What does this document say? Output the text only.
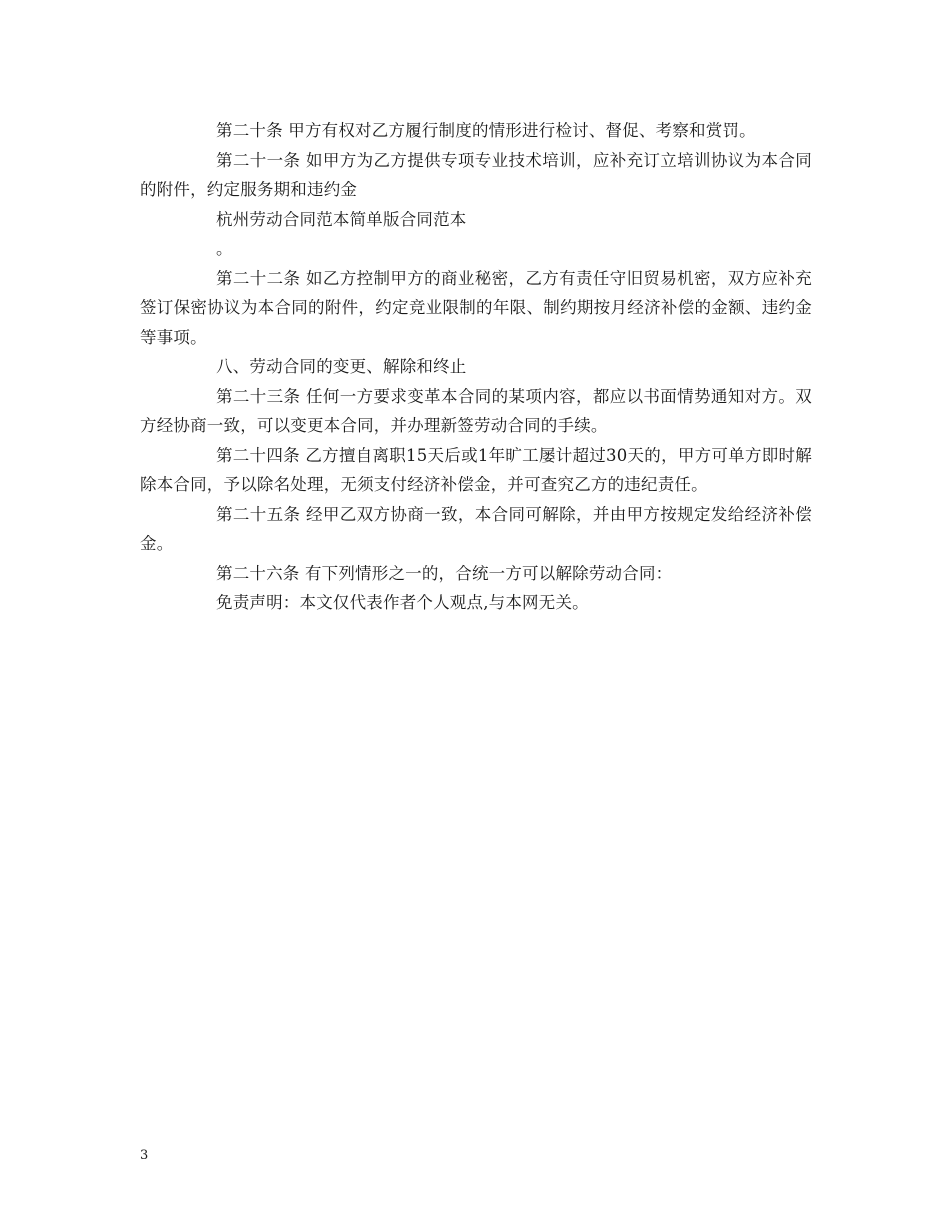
第二十条 甲方有权对乙方履行制度的情形进行检讨、督促、考察和赏罚。

第二十一条 如甲方为乙方提供专项专业技术培训，应补充订立培训协议为本合同的附件，约定服务期和违约金

杭州劳动合同范本简单版合同范本

。

第二十二条 如乙方控制甲方的商业秘密，乙方有责任守旧贸易机密，双方应补充签订保密协议为本合同的附件，约定竞业限制的年限、制约期按月经济补偿的金额、违约金等事项。

八、劳动合同的变更、解除和终止

第二十三条 任何一方要求变革本合同的某项内容，都应以书面情势通知对方。双方经协商一致，可以变更本合同，并办理新签劳动合同的手续。

第二十四条 乙方擅自离职15天后或1年旷工屡计超过30天的，甲方可单方即时解除本合同，予以除名处理，无须支付经济补偿金，并可查究乙方的违纪责任。

第二十五条 经甲乙双方协商一致，本合同可解除，并由甲方按规定发给经济补偿金。

第二十六条 有下列情形之一的，合统一方可以解除劳动合同：

免责声明：本文仅代表作者个人观点,与本网无关。

3
